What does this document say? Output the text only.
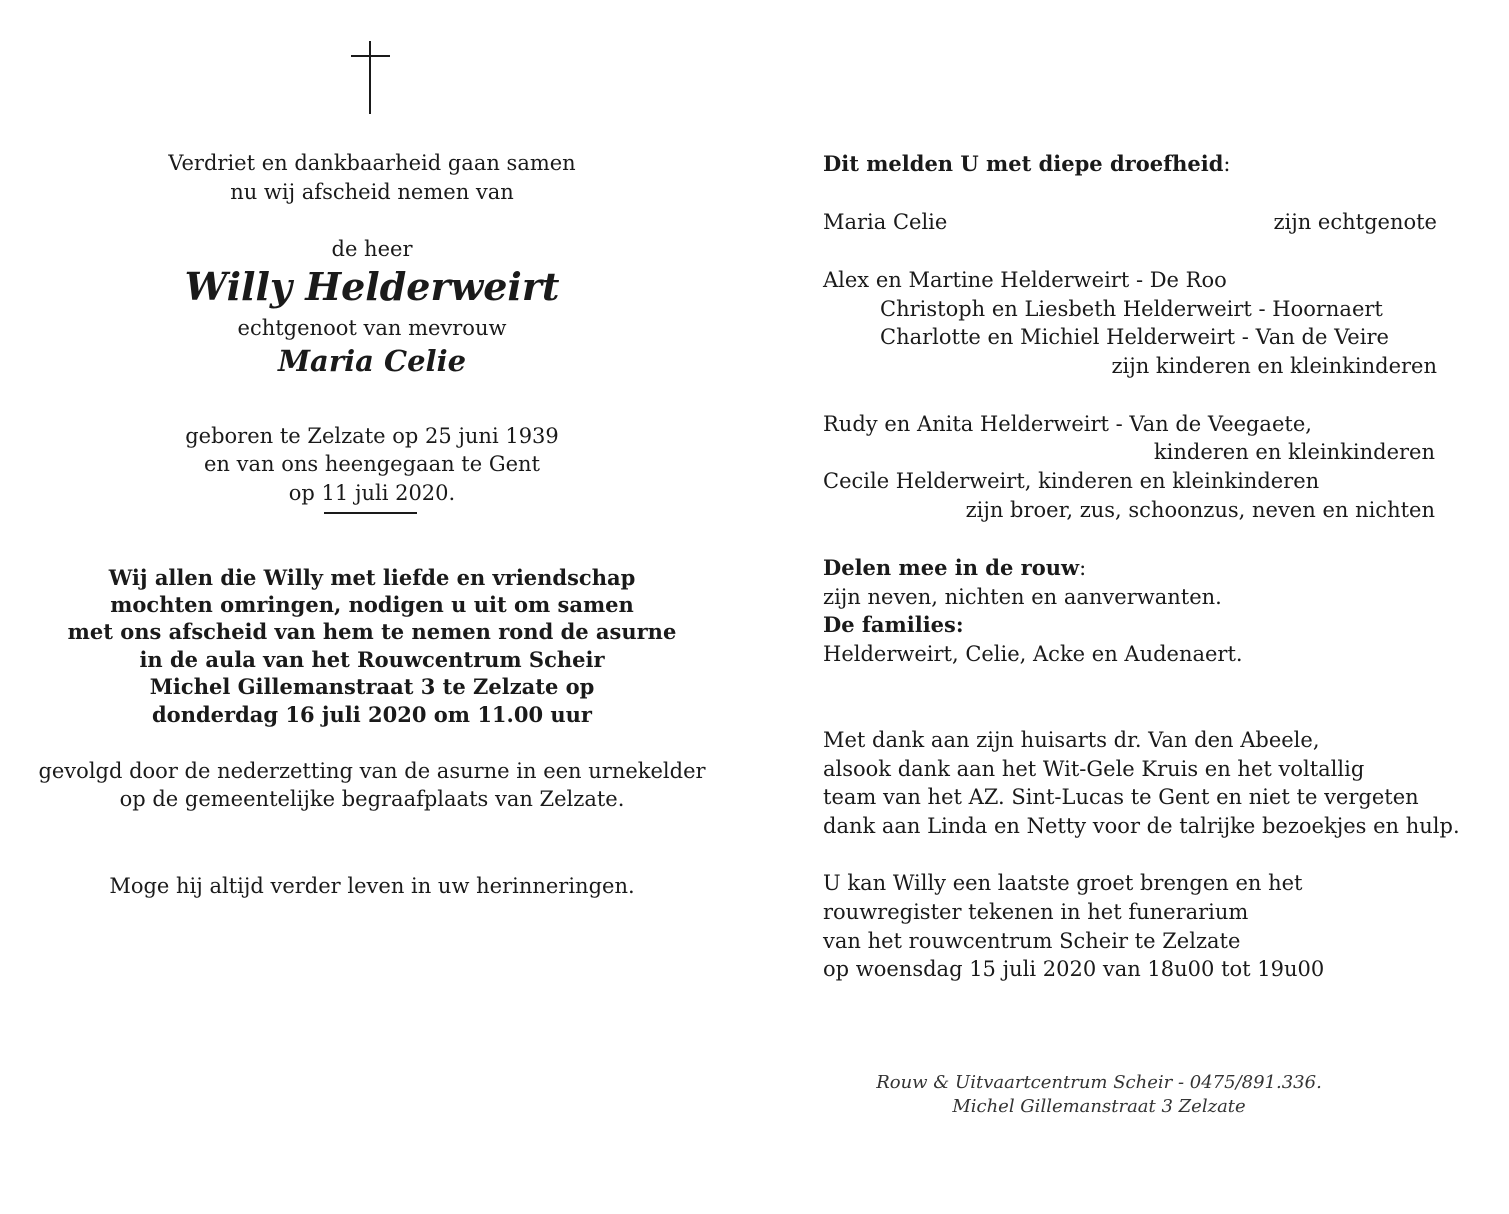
Verdriet en dankbaarheid gaan samen
nu wij afscheid nemen van
de heer
Willy Helderweirt
echtgenoot van mevrouw
Maria Celie
geboren te Zelzate op 25 juni 1939
en van ons heengegaan te Gent
op 11 juli 2020.
Wij allen die Willy met liefde en vriendschap
mochten omringen, nodigen u uit om samen
met ons afscheid van hem te nemen rond de asurne
in de aula van het Rouwcentrum Scheir
Michel Gillemanstraat 3 te Zelzate op
donderdag 16 juli 2020 om 11.00 uur
gevolgd door de nederzetting van de asurne in een urnekelder
op de gemeentelijke begraafplaats van Zelzate.
Moge hij altijd verder leven in uw herinneringen.
Dit melden U met diepe droefheid:
Maria Celie	zijn echtgenote
Alex en Martine Helderweirt - De Roo
Christoph en Liesbeth Helderweirt - Hoornaert
Charlotte en Michiel Helderweirt - Van de Veire
zijn kinderen en kleinkinderen
Rudy en Anita Helderweirt - Van de Veegaete,
kinderen en kleinkinderen
Cecile Helderweirt, kinderen en kleinkinderen
zijn broer, zus, schoonzus, neven en nichten
Delen mee in de rouw:
zijn neven, nichten en aanverwanten.
De families:
Helderweirt, Celie, Acke en Audenaert.
Met dank aan zijn huisarts dr. Van den Abeele,
alsook dank aan het Wit-Gele Kruis en het voltallig
team van het AZ. Sint-Lucas te Gent en niet te vergeten
dank aan Linda en Netty voor de talrijke bezoekjes en hulp.
U kan Willy een laatste groet brengen en het
rouwregister tekenen in het funerarium
van het rouwcentrum Scheir te Zelzate
op woensdag 15 juli 2020 van 18u00 tot 19u00
Rouw & Uitvaartcentrum Scheir - 0475/891.336.
Michel Gillemanstraat 3 Zelzate
